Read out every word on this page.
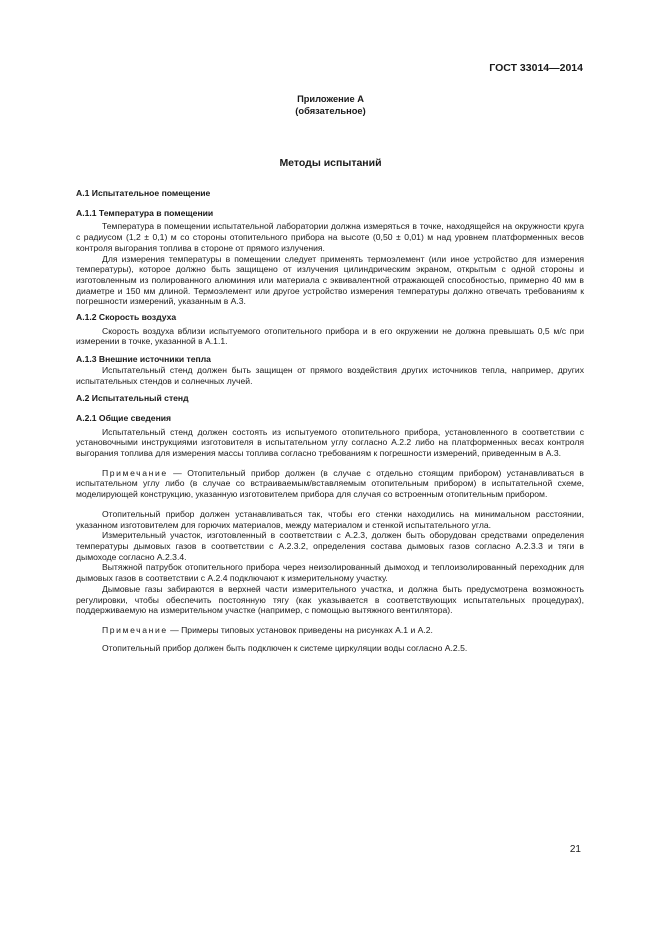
ГОСТ 33014—2014
Приложение А
(обязательное)
Методы испытаний
А.1 Испытательное помещение
А.1.1 Температура в помещении

Температура в помещении испытательной лаборатории должна измеряться в точке, находящейся на окружности круга с радиусом (1,2 ± 0,1) м со стороны отопительного прибора на высоте (0,50 ± 0,01) м над уровнем платформенных весов контроля выгорания топлива в стороне от прямого излучения.

Для измерения температуры в помещении следует применять термоэлемент (или иное устройство для измерения температуры), которое должно быть защищено от излучения цилиндрическим экраном, открытым с одной стороны и изготовленным из полированного алюминия или материала с эквивалентной отражающей способностью, примерно 40 мм в диаметре и 150 мм длиной. Термоэлемент или другое устройство измерения температуры должно отвечать требованиям к погрешности измерений, указанным в А.3.

А.1.2 Скорость воздуха

Скорость воздуха вблизи испытуемого отопительного прибора и в его окружении не должна превышать 0,5 м/с при измерении в точке, указанной в А.1.1.

А.1.3 Внешние источники тепла

Испытательный стенд должен быть защищен от прямого воздействия других источников тепла, например, других испытательных стендов и солнечных лучей.

А.2 Испытательный стенд
А.2.1 Общие сведения

Испытательный стенд должен состоять из испытуемого отопительного прибора, установленного в соответствии с установочными инструкциями изготовителя в испытательном углу согласно А.2.2 либо на платформенных весах контроля выгорания топлива для измерения массы топлива согласно требованиям к погрешности измерений, приведенным в А.3.

Примечание — Отопительный прибор должен (в случае с отдельно стоящим прибором) устанавливаться в испытательном углу либо (в случае со встраиваемым/вставляемым отопительным прибором) в испытательной схеме, моделирующей конструкцию, указанную изготовителем прибора для случая со встроенным отопительным прибором.

Отопительный прибор должен устанавливаться так, чтобы его стенки находились на минимальном расстоянии, указанном изготовителем для горючих материалов, между материалом и стенкой испытательного угла.

Измерительный участок, изготовленный в соответствии с А.2.3, должен быть оборудован средствами определения температуры дымовых газов в соответствии с А.2.3.2, определения состава дымовых газов согласно А.2.3.3 и тяги в дымоходе согласно А.2.3.4.

Вытяжной патрубок отопительного прибора через неизолированный дымоход и теплоизолированный переходник для дымовых газов в соответствии с А.2.4 подключают к измерительному участку.

Дымовые газы забираются в верхней части измерительного участка, и должна быть предусмотрена возможность регулировки, чтобы обеспечить постоянную тягу (как указывается в соответствующих испытательных процедурах), поддерживаемую на измерительном участке (например, с помощью вытяжного вентилятора).

Примечание — Примеры типовых установок приведены на рисунках А.1 и А.2.

Отопительный прибор должен быть подключен к системе циркуляции воды согласно А.2.5.

21
